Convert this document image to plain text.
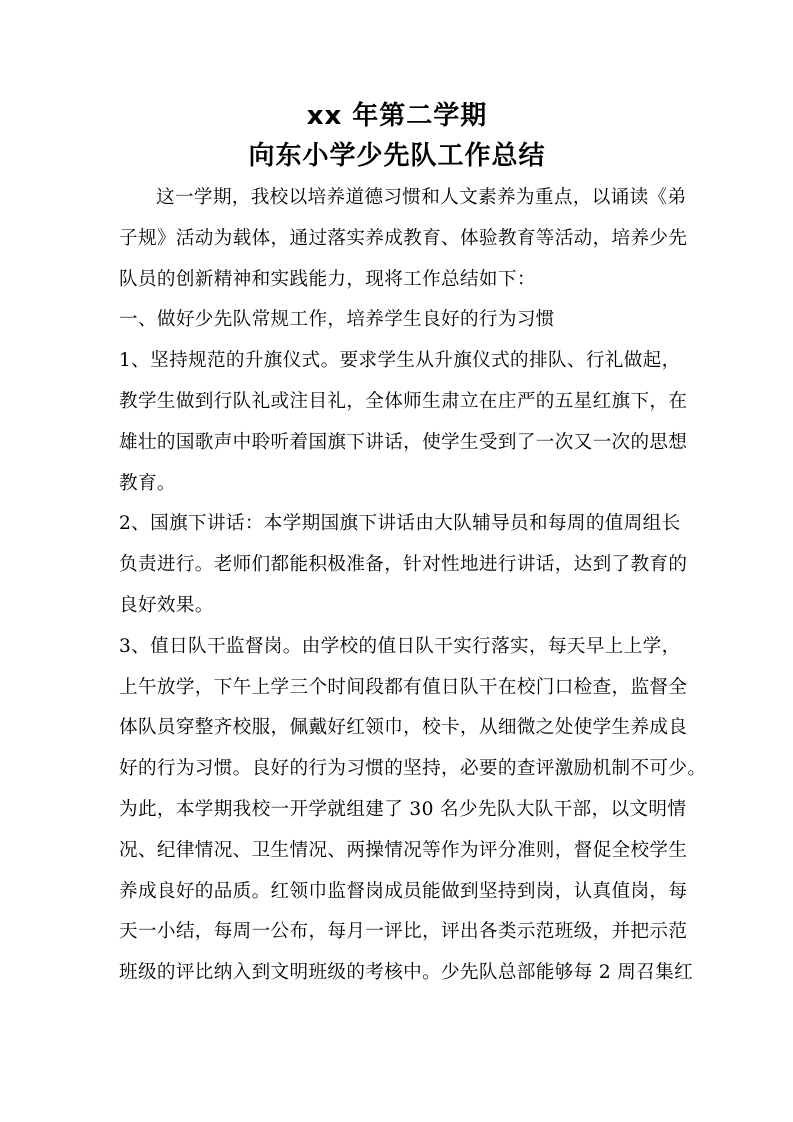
xx 年第二学期
向东小学少先队工作总结
这一学期，我校以培养道德习惯和人文素养为重点，以诵读《弟
子规》活动为载体，通过落实养成教育、体验教育等活动，培养少先
队员的创新精神和实践能力，现将工作总结如下：
一、做好少先队常规工作，培养学生良好的行为习惯
1、坚持规范的升旗仪式。要求学生从升旗仪式的排队、行礼做起，
教学生做到行队礼或注目礼，全体师生肃立在庄严的五星红旗下，在
雄壮的国歌声中聆听着国旗下讲话，使学生受到了一次又一次的思想
教育。
2、国旗下讲话：本学期国旗下讲话由大队辅导员和每周的值周组长
负责进行。老师们都能积极准备，针对性地进行讲话，达到了教育的
良好效果。
3、值日队干监督岗。由学校的值日队干实行落实，每天早上上学，
上午放学，下午上学三个时间段都有值日队干在校门口检查，监督全
体队员穿整齐校服，佩戴好红领巾，校卡，从细微之处使学生养成良
好的行为习惯。良好的行为习惯的坚持，必要的查评激励机制不可少。
为此，本学期我校一开学就组建了 30 名少先队大队干部，以文明情
况、纪律情况、卫生情况、两操情况等作为评分准则，督促全校学生
养成良好的品质。红领巾监督岗成员能做到坚持到岗，认真值岗，每
天一小结，每周一公布，每月一评比，评出各类示范班级，并把示范
班级的评比纳入到文明班级的考核中。少先队总部能够每 2 周召集红
